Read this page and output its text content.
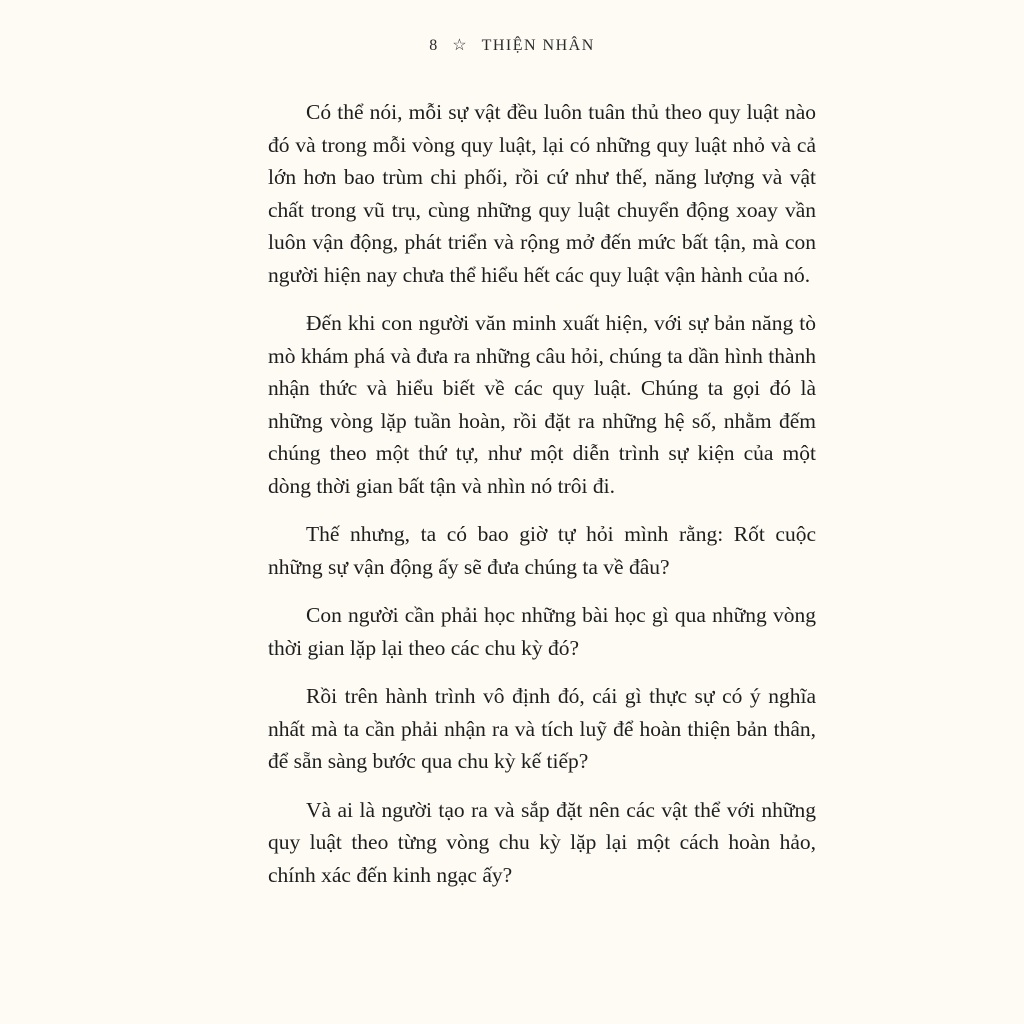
8 ☆ THIỆN NHÂN

Có thể nói, mỗi sự vật đều luôn tuân thủ theo quy luật nào đó và trong mỗi vòng quy luật, lại có những quy luật nhỏ và cả lớn hơn bao trùm chi phối, rồi cứ như thế, năng lượng và vật chất trong vũ trụ, cùng những quy luật chuyển động xoay vần luôn vận động, phát triển và rộng mở đến mức bất tận, mà con người hiện nay chưa thể hiểu hết các quy luật vận hành của nó.

Đến khi con người văn minh xuất hiện, với sự bản năng tò mò khám phá và đưa ra những câu hỏi, chúng ta dần hình thành nhận thức và hiểu biết về các quy luật. Chúng ta gọi đó là những vòng lặp tuần hoàn, rồi đặt ra những hệ số, nhằm đếm chúng theo một thứ tự, như một diễn trình sự kiện của một dòng thời gian bất tận và nhìn nó trôi đi.

Thế nhưng, ta có bao giờ tự hỏi mình rằng: Rốt cuộc những sự vận động ấy sẽ đưa chúng ta về đâu?

Con người cần phải học những bài học gì qua những vòng thời gian lặp lại theo các chu kỳ đó?

Rồi trên hành trình vô định đó, cái gì thực sự có ý nghĩa nhất mà ta cần phải nhận ra và tích luỹ để hoàn thiện bản thân, để sẵn sàng bước qua chu kỳ kế tiếp?

Và ai là người tạo ra và sắp đặt nên các vật thể với những quy luật theo từng vòng chu kỳ lặp lại một cách hoàn hảo, chính xác đến kinh ngạc ấy?
